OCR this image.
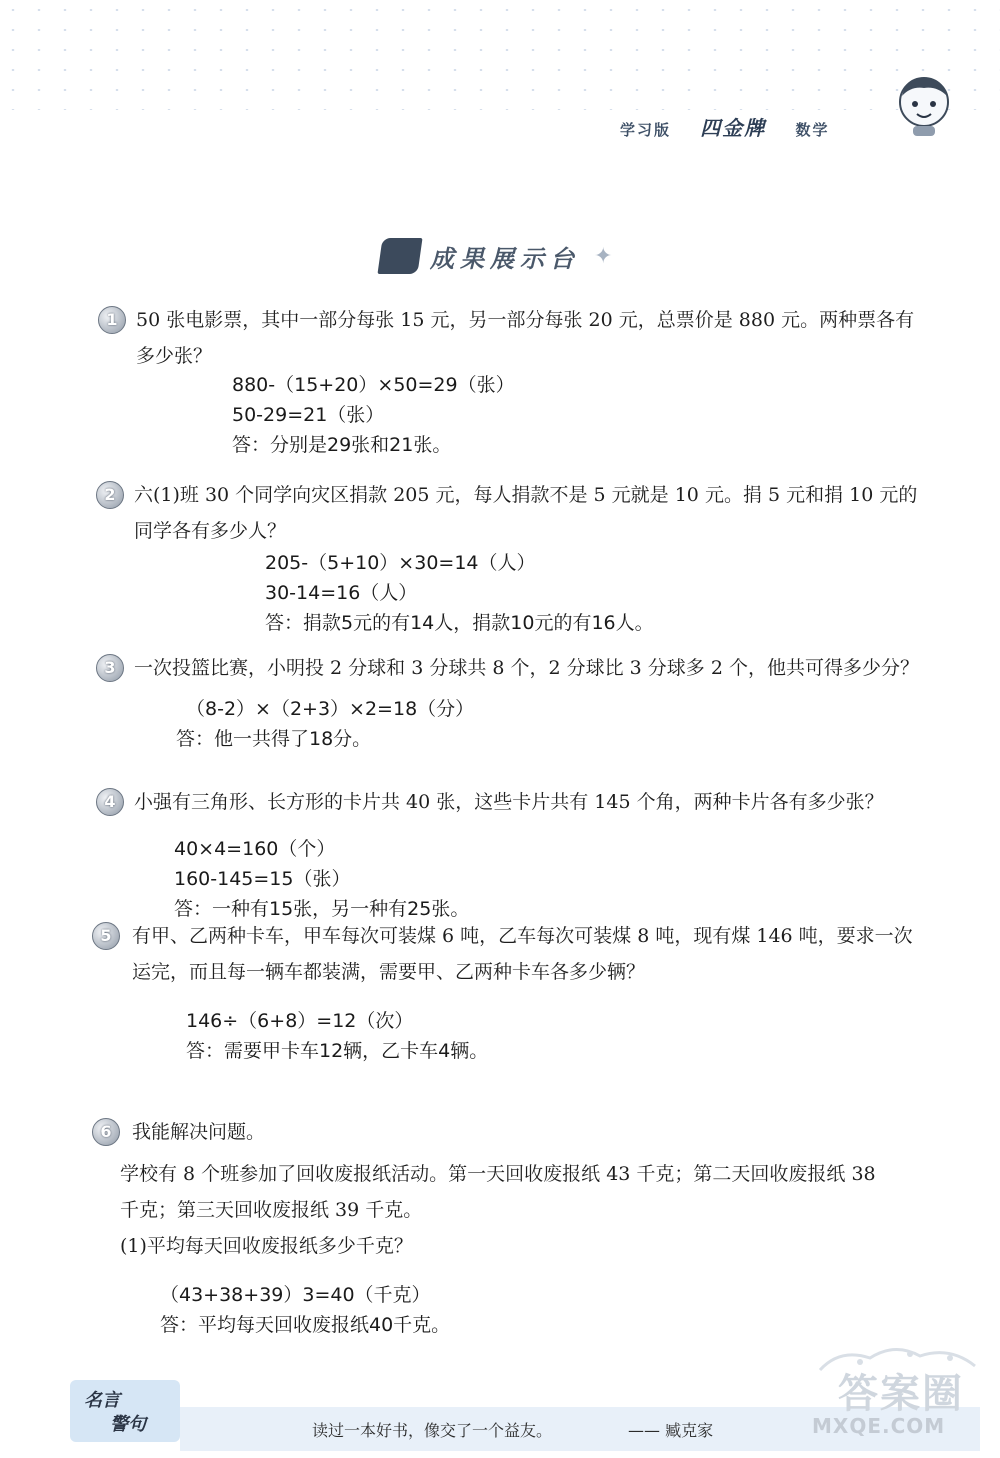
学习版 四金牌 数学
成果展示台 ✦
1 50 张电影票，其中一部分每张 15 元，另一部分每张 20 元，总票价是 880 元。两种票各有
多少张？
880-（15+20）×50=29（张）
50-29=21（张）
答：分别是29张和21张。
2 六(1)班 30 个同学向灾区捐款 205 元，每人捐款不是 5 元就是 10 元。捐 5 元和捐 10 元的
同学各有多少人？
205-（5+10）×30=14（人）
30-14=16（人）
答：捐款5元的有14人，捐款10元的有16人。
3 一次投篮比赛，小明投 2 分球和 3 分球共 8 个，2 分球比 3 分球多 2 个，他共可得多少分？
（8-2）×（2+3）×2=18（分）
答：他一共得了18分。
4 小强有三角形、长方形的卡片共 40 张，这些卡片共有 145 个角，两种卡片各有多少张？
40×4=160（个）
160-145=15（张）
答：一种有15张，另一种有25张。
5	有甲、乙两种卡车，甲车每次可装煤 6 吨，乙车每次可装煤 8 吨，现有煤 146 吨，要求一次
运完，而且每一辆车都装满，需要甲、乙两种卡车各多少辆？
146÷（6+8）=12（次）
答：需要甲卡车12辆，乙卡车4辆。
6	我能解决问题。
学校有 8 个班参加了回收废报纸活动。第一天回收废报纸 43 千克；第二天回收废报纸 38
千克；第三天回收废报纸 39 千克。
(1)平均每天回收废报纸多少千克？
（43+38+39）3=40（千克）
答：平均每天回收废报纸40千克。
名言
警句	读过一本好书，像交了一个益友。	—— 臧克家
答案圈
MXQE.COM
